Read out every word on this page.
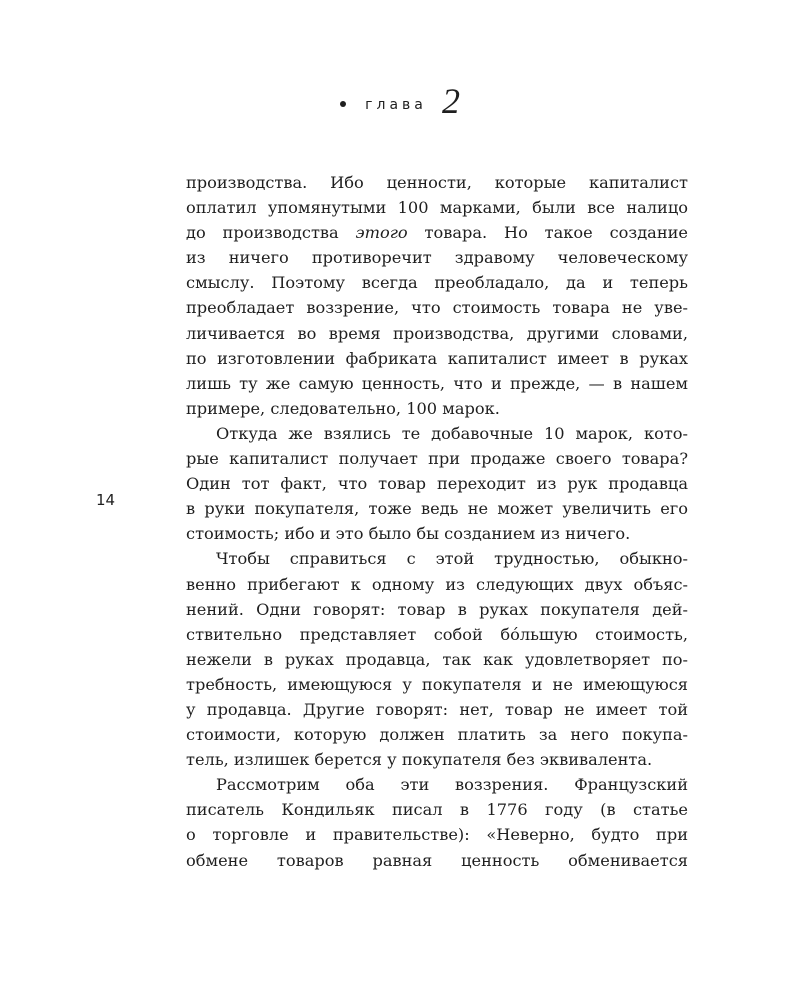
глава 2
14

производства. Ибо ценности, которые капиталист
оплатил упомянутыми 100 марками, были все налицо
до производства этого товара. Но такое создание
из ничего противоречит здравому человеческому
смыслу. Поэтому всегда преобладало, да и теперь
преобладает воззрение, что стоимость товара не уве-
личивается во время производства, другими словами,
по изготовлении фабриката капиталист имеет в руках
лишь ту же самую ценность, что и прежде, — в нашем
примере, следовательно, 100 марок.

Откуда же взялись те добавочные 10 марок, кото-
рые капиталист получает при продаже своего товара?
Один тот факт, что товар переходит из рук продавца
в руки покупателя, тоже ведь не может увеличить его
стоимость; ибо и это было бы созданием из ничего.

Чтобы справиться с этой трудностью, обыкно-
венно прибегают к одному из следующих двух объяс-
нений. Одни говорят: товар в руках покупателя дей-
ствительно представляет собой бо́льшую стоимость,
нежели в руках продавца, так как удовлетворяет по-
требность, имеющуюся у покупателя и не имеющуюся
у продавца. Другие говорят: нет, товар не имеет той
стоимости, которую должен платить за него покупа-
тель, излишек берется у покупателя без эквивалента.

Рассмотрим оба эти воззрения. Французский
писатель Кондильяк писал в 1776 году (в статье
о торговле и правительстве): «Неверно, будто при
обмене товаров равная ценность обменивается
